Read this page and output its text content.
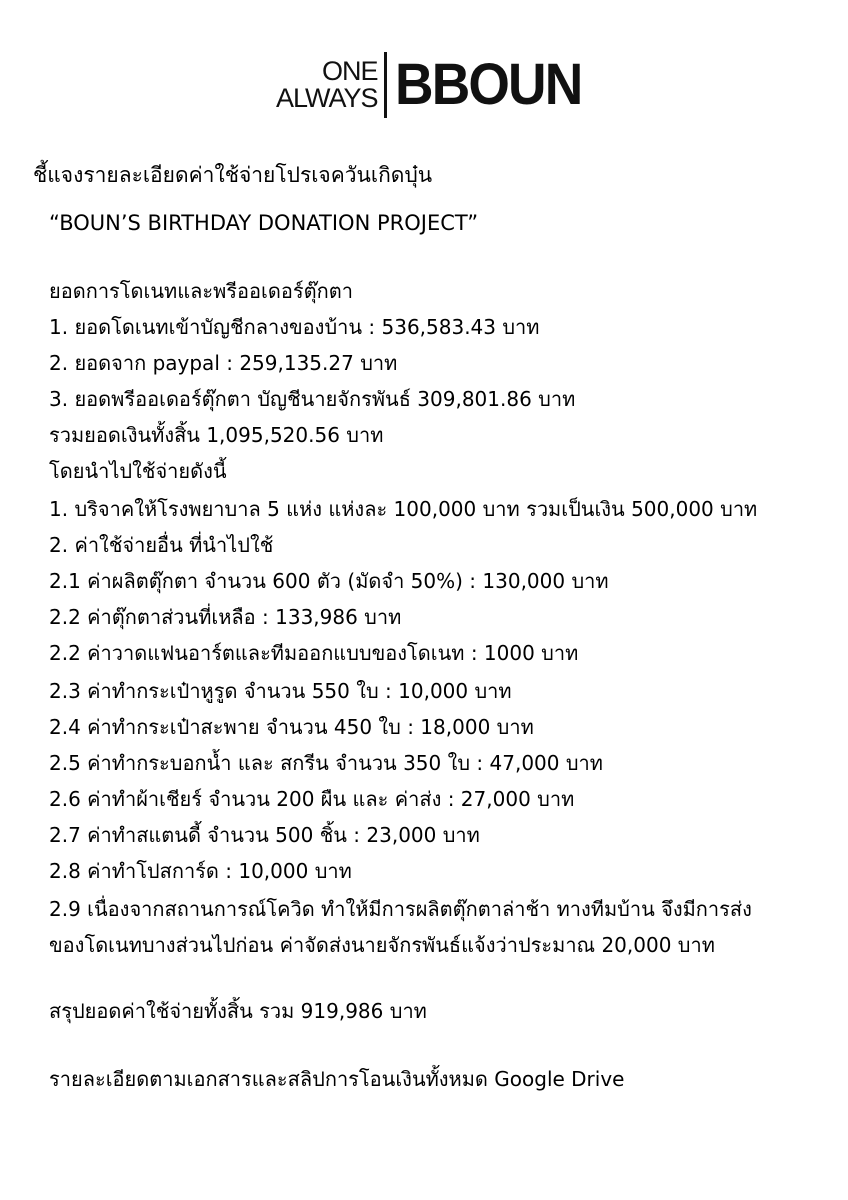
ONE
ALWAYS BBOUN
ชี้แจงรายละเอียดค่าใช้จ่ายโปรเจควันเกิดบุ๋น
“BOUN’S BIRTHDAY DONATION PROJECT”
ยอดการโดเนทและพรีออเดอร์ตุ๊กตา
1. ยอดโดเนทเข้าบัญชีกลางของบ้าน : 536,583.43 บาท
2. ยอดจาก paypal : 259,135.27 บาท
3. ยอดพรีออเดอร์ตุ๊กตา บัญชีนายจักรพันธ์ 309,801.86 บาท
รวมยอดเงินทั้งสิ้น 1,095,520.56 บาท
โดยนำไปใช้จ่ายดังนี้
1. บริจาคให้โรงพยาบาล 5 แห่ง แห่งละ 100,000 บาท รวมเป็นเงิน 500,000 บาท
2. ค่าใช้จ่ายอื่น ที่นำไปใช้
2.1 ค่าผลิตตุ๊กตา จำนวน 600 ตัว (มัดจำ 50%) : 130,000 บาท
2.2 ค่าตุ๊กตาส่วนที่เหลือ : 133,986 บาท
2.2 ค่าวาดแฟนอาร์ตและทีมออกแบบของโดเนท : 1000 บาท
2.3 ค่าทำกระเป๋าหูรูด จำนวน 550 ใบ : 10,000 บาท
2.4 ค่าทำกระเป๋าสะพาย จำนวน 450 ใบ : 18,000 บาท
2.5 ค่าทำกระบอกน้ำ และ สกรีน จำนวน 350 ใบ : 47,000 บาท
2.6 ค่าทำผ้าเชียร์ จำนวน 200 ผืน และ ค่าส่ง : 27,000 บาท
2.7 ค่าทำสแตนดี้ จำนวน 500 ชิ้น : 23,000 บาท
2.8 ค่าทำโปสการ์ด : 10,000 บาท
2.9 เนื่องจากสถานการณ์โควิด ทำให้มีการผลิตตุ๊กตาล่าช้า ทางทีมบ้าน จึงมีการส่ง
ของโดเนทบางส่วนไปก่อน ค่าจัดส่งนายจักรพันธ์แจ้งว่าประมาณ 20,000 บาท
สรุปยอดค่าใช้จ่ายทั้งสิ้น รวม 919,986 บาท
รายละเอียดตามเอกสารและสลิปการโอนเงินทั้งหมด Google Drive
